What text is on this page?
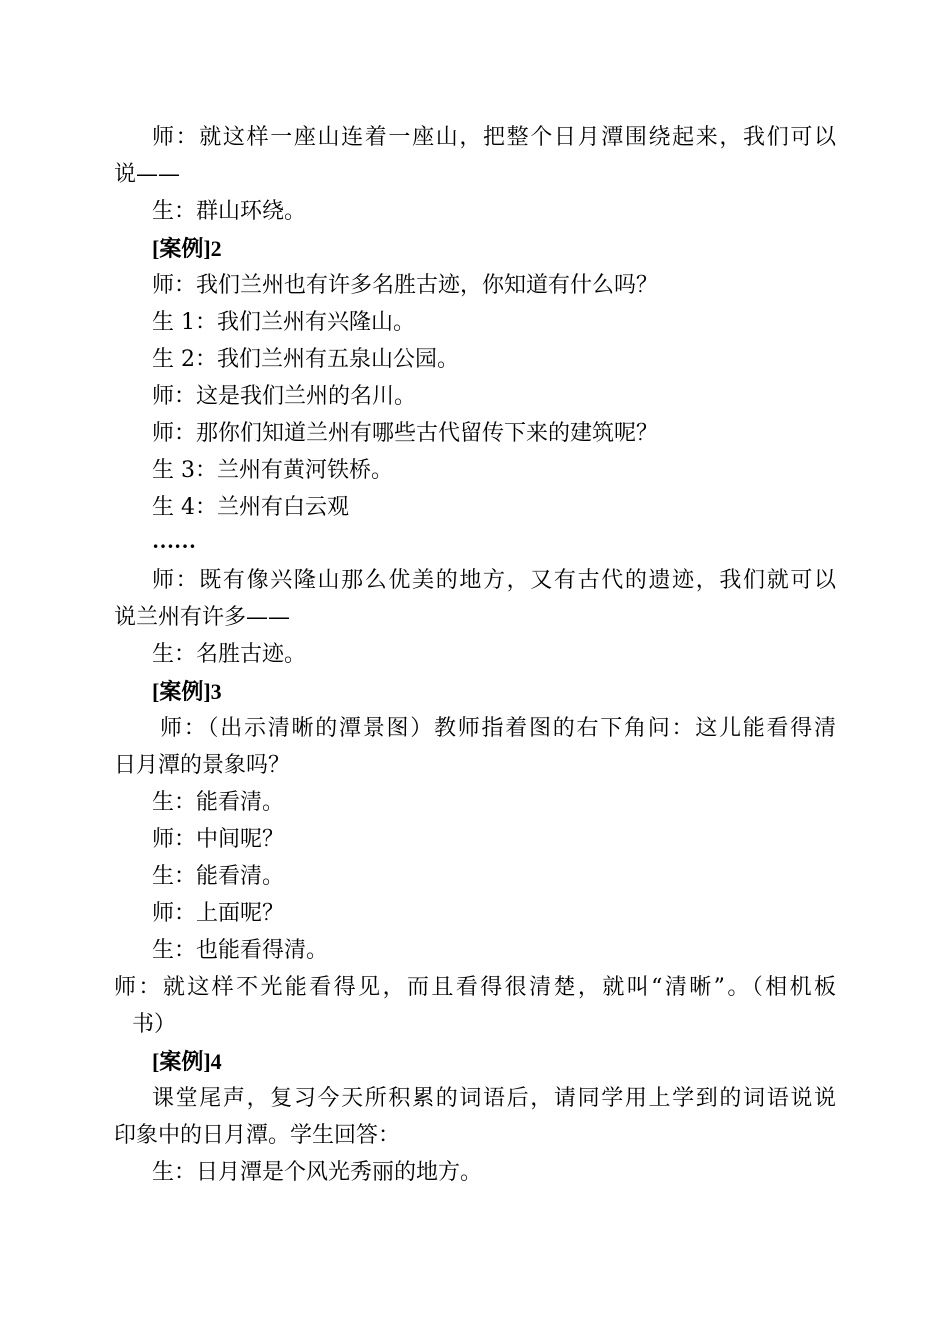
师：就这样一座山连着一座山，把整个日月潭围绕起来，我们可以
说——
生：群山环绕。
[案例]2
师：我们兰州也有许多名胜古迹，你知道有什么吗？
生 1：我们兰州有兴隆山。
生 2：我们兰州有五泉山公园。
师：这是我们兰州的名川。
师：那你们知道兰州有哪些古代留传下来的建筑呢？
生 3：兰州有黄河铁桥。
生 4：兰州有白云观
……
师：既有像兴隆山那么优美的地方，又有古代的遗迹，我们就可以
说兰州有许多——
生：名胜古迹。
[案例]3
师：（出示清晰的潭景图）教师指着图的右下角问：这儿能看得清
日月潭的景象吗？
生：能看清。
师：中间呢？
生：能看清。
师：上面呢？
生：也能看得清。
师：就这样不光能看得见，而且看得很清楚，就叫“清晰”。（相机板
书）
[案例]4
课堂尾声，复习今天所积累的词语后，请同学用上学到的词语说说
印象中的日月潭。学生回答：
生：日月潭是个风光秀丽的地方。
